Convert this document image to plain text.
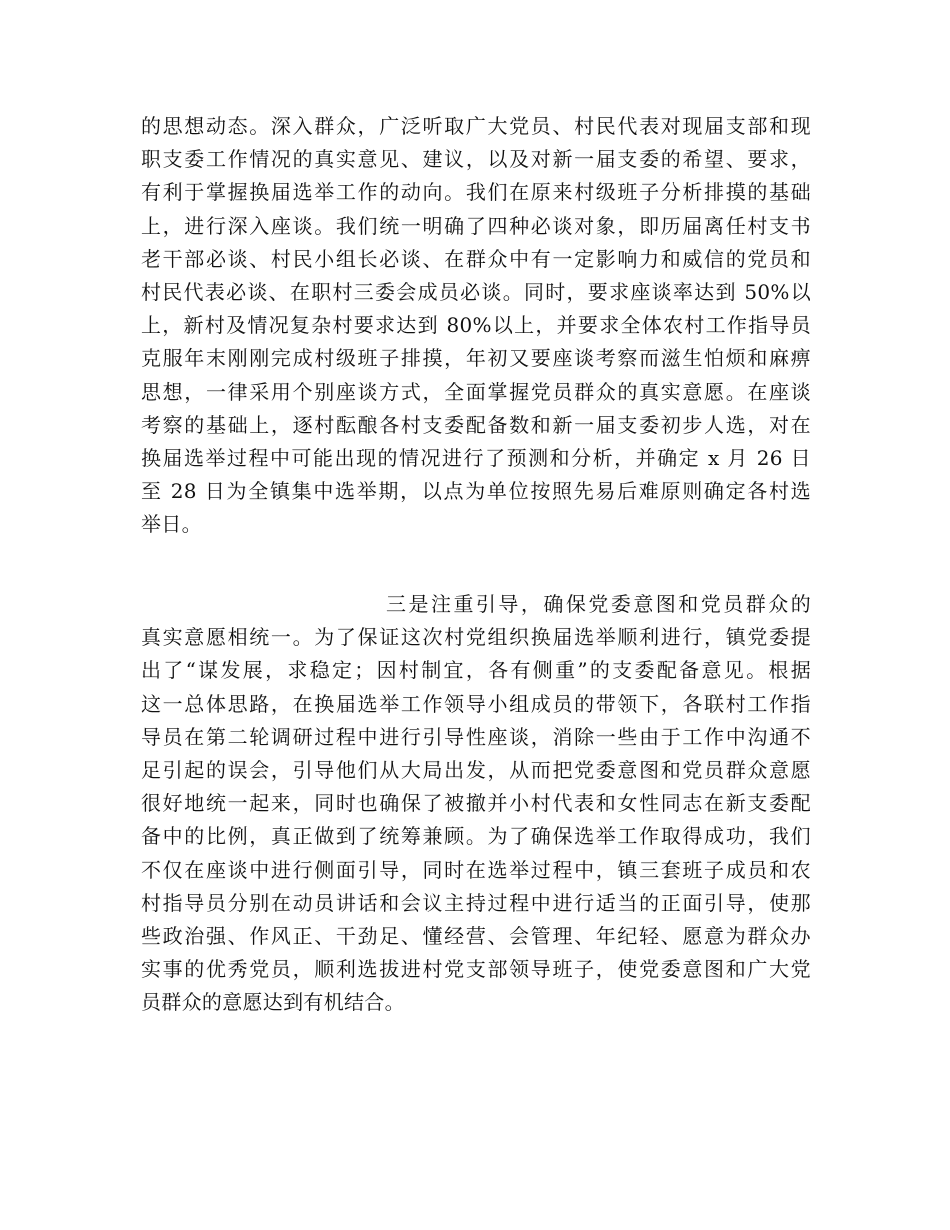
的思想动态。深入群众，广泛听取广大党员、村民代表对现届支部和现
职支委工作情况的真实意见、建议，以及对新一届支委的希望、要求，
有利于掌握换届选举工作的动向。我们在原来村级班子分析排摸的基础
上，进行深入座谈。我们统一明确了四种必谈对象，即历届离任村支书
老干部必谈、村民小组长必谈、在群众中有一定影响力和威信的党员和
村民代表必谈、在职村三委会成员必谈。同时，要求座谈率达到 50%以
上，新村及情况复杂村要求达到 80%以上，并要求全体农村工作指导员
克服年末刚刚完成村级班子排摸，年初又要座谈考察而滋生怕烦和麻痹
思想，一律采用个别座谈方式，全面掌握党员群众的真实意愿。在座谈
考察的基础上，逐村酝酿各村支委配备数和新一届支委初步人选，对在
换届选举过程中可能出现的情况进行了预测和分析，并确定 x 月 26 日
至 28 日为全镇集中选举期，以点为单位按照先易后难原则确定各村选
举日。
三是注重引导，确保党委意图和党员群众的
真实意愿相统一。为了保证这次村党组织换届选举顺利进行，镇党委提
出了“谋发展，求稳定；因村制宜，各有侧重”的支委配备意见。根据
这一总体思路，在换届选举工作领导小组成员的带领下，各联村工作指
导员在第二轮调研过程中进行引导性座谈，消除一些由于工作中沟通不
足引起的误会，引导他们从大局出发，从而把党委意图和党员群众意愿
很好地统一起来，同时也确保了被撤并小村代表和女性同志在新支委配
备中的比例，真正做到了统筹兼顾。为了确保选举工作取得成功，我们
不仅在座谈中进行侧面引导，同时在选举过程中，镇三套班子成员和农
村指导员分别在动员讲话和会议主持过程中进行适当的正面引导，使那
些政治强、作风正、干劲足、懂经营、会管理、年纪轻、愿意为群众办
实事的优秀党员，顺利选拔进村党支部领导班子，使党委意图和广大党
员群众的意愿达到有机结合。
